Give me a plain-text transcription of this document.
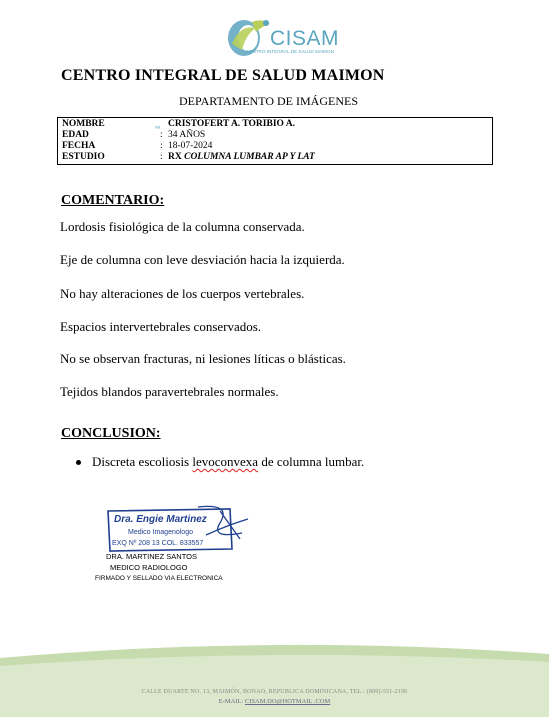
CISAM
CENTRO INTEGRAL DE SALUD MAIMON
CENTRO INTEGRAL DE SALUD MAIMON
DEPARTAMENTO DE IMÁGENES
NOMBRE	ᵥᵢₐ CRISTOFERT A. TORIBIO A.
EDAD	: 34 AÑOS
FECHA	: 18-07-2024
ESTUDIO	: RX COLUMNA LUMBAR AP Y LAT
COMENTARIO:
Lordosis fisiológica de la columna conservada.
Eje de columna con leve desviación hacia la izquierda.
No hay alteraciones de los cuerpos vertebrales.
Espacios intervertebrales conservados.
No se observan fracturas, ni lesiones líticas o blásticas.
Tejidos blandos paravertebrales normales.
CONCLUSION:
Discreta escoliosis levoconvexa de columna lumbar.
Dra. Engie Martinez
Medico Imagenologo
EXQ Nº 208 13 COL. 833557
DRA. MARTINEZ SANTOS
MEDICO RADIOLOGO
FIRMADO Y SELLADO VIA ELECTRONICA
CALLE DUARTE NO. 13, MAIMÓN, BONAO, REPUBLICA DOMINICANA, TEL.: (809)-551-2196
E-MAIL: CISAM.DO@HOTMAIL .COM
